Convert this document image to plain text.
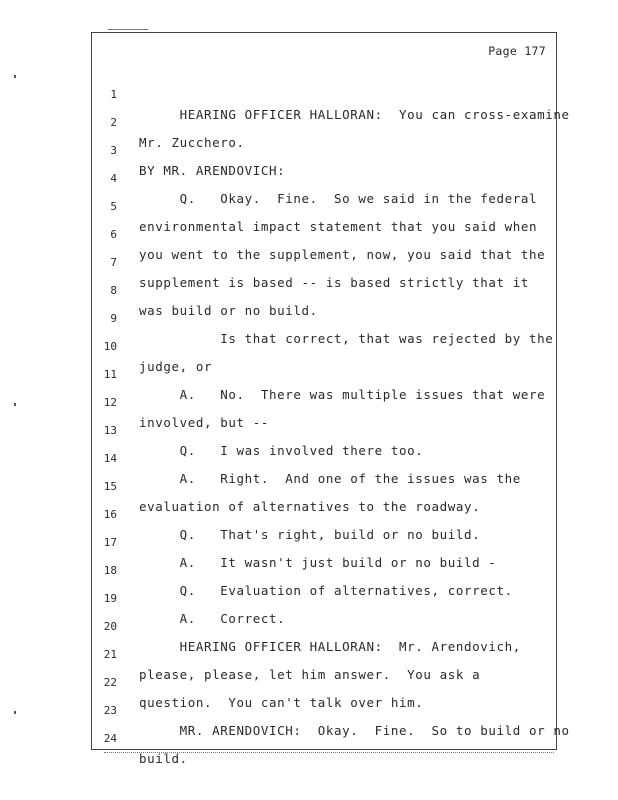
Page 177

1

HEARING OFFICER HALLORAN:  You can cross-examine

2

Mr. Zucchero.

3

BY MR. ARENDOVICH:

4

Q.   Okay.  Fine.  So we said in the federal

5

environmental impact statement that you said when

6

you went to the supplement, now, you said that the

7

supplement is based -- is based strictly that it

8

was build or no build.

9

Is that correct, that was rejected by the

10

judge, or

11

A.   No.  There was multiple issues that were

12

involved, but --

13

Q.   I was involved there too.

14

A.   Right.  And one of the issues was the

15

evaluation of alternatives to the roadway.

16

Q.   That's right, build or no build.

17

A.   It wasn't just build or no build -

18

Q.   Evaluation of alternatives, correct.

19

A.   Correct.

20

HEARING OFFICER HALLORAN:  Mr. Arendovich,

21

please, please, let him answer.  You ask a

22

question.  You can't talk over him.

23

MR. ARENDOVICH:  Okay.  Fine.  So to build or no

24

build.
